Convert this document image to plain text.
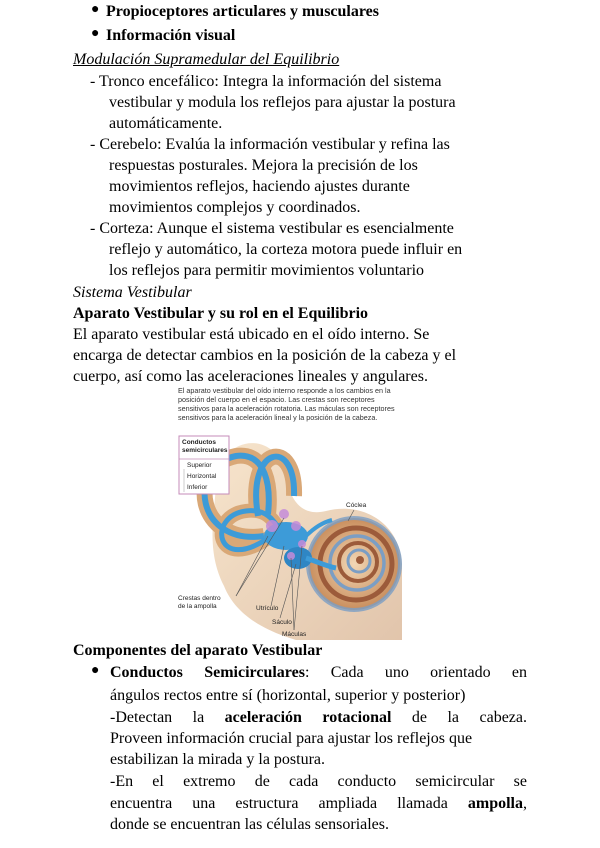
● Propioceptores articulares y musculares
● Información visual
Modulación Supramedular del Equilibrio
- Tronco encefálico: Integra la información del sistema
vestibular y modula los reflejos para ajustar la postura
automáticamente.
- Cerebelo: Evalúa la información vestibular y refina las
respuestas posturales. Mejora la precisión de los
movimientos reflejos, haciendo ajustes durante
movimientos complejos y coordinados.
- Corteza: Aunque el sistema vestibular es esencialmente
reflejo y automático, la corteza motora puede influir en
los reflejos para permitir movimientos voluntario
Sistema Vestibular
Aparato Vestibular y su rol en el Equilibrio
El aparato vestibular está ubicado en el oído interno. Se
encarga de detectar cambios en la posición de la cabeza y el
cuerpo, así como las aceleraciones lineales y angulares.
El aparato vestibular del oído interno responde a los cambios en la
posición del cuerpo en el espacio. Las crestas son receptores
sensitivos para la aceleración rotatoria. Las máculas son receptores
sensitivos para la aceleración lineal y la posición de la cabeza.
Conductos
semicirculares
Superior
Horizontal
Inferior
Cóclea
Crestas dentro
de la ampolla	Utrículo
Sáculo
Máculas
Componentes del aparato Vestibular
● Conductos Semicirculares: Cada uno orientado en
ángulos rectos entre sí (horizontal, superior y posterior)
-Detectan la aceleración rotacional de la cabeza.
Proveen información crucial para ajustar los reflejos que
estabilizan la mirada y la postura.
-En el extremo de cada conducto semicircular se
encuentra una estructura ampliada llamada ampolla,
donde se encuentran las células sensoriales.
